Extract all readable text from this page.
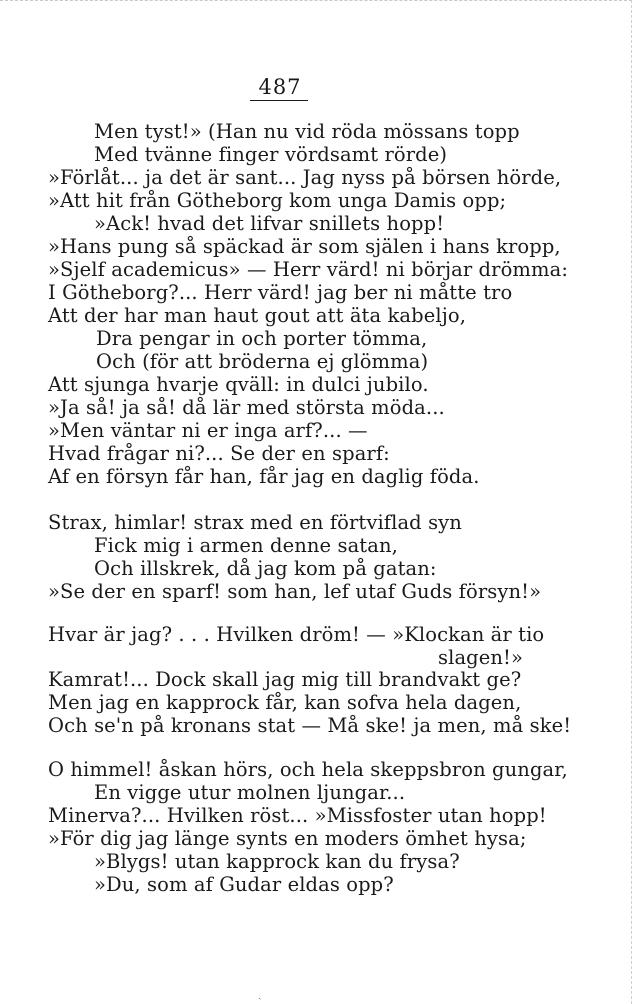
487
Men tyst!» (Han nu vid röda mössans topp
Med tvänne finger vördsamt rörde)
»Förlåt... ja det är sant... Jag nyss på börsen hörde,
»Att hit från Götheborg kom unga Damis opp;
»Ack! hvad det lifvar snillets hopp!
»Hans pung så späckad är som själen i hans kropp,
»Sjelf academicus» — Herr värd! ni börjar drömma:
I Götheborg?... Herr värd! jag ber ni måtte tro
Att der har man haut gout att äta kabeljo,
Dra pengar in och porter tömma,
Och (för att bröderna ej glömma)
Att sjunga hvarje qväll: in dulci jubilo.
»Ja så! ja så! då lär med största möda...
»Men väntar ni er inga arf?... —
Hvad frågar ni?... Se der en sparf:
Af en försyn får han, får jag en daglig föda.
Strax, himlar! strax med en förtviflad syn
Fick mig i armen denne satan,
Och illskrek, då jag kom på gatan:
»Se der en sparf! som han, lef utaf Guds försyn!»
Hvar är jag? . . . Hvilken dröm! — »Klockan är tio
slagen!»
Kamrat!... Dock skall jag mig till brandvakt ge?
Men jag en kapprock får, kan sofva hela dagen,
Och se'n på kronans stat — Må ske! ja men, må ske!
O himmel! åskan hörs, och hela skeppsbron gungar,
En vigge utur molnen ljungar...
Minerva?... Hvilken röst... »Missfoster utan hopp!
»För dig jag länge synts en moders ömhet hysa;
»Blygs! utan kapprock kan du frysa?
»Du, som af Gudar eldas opp?
ˎ
